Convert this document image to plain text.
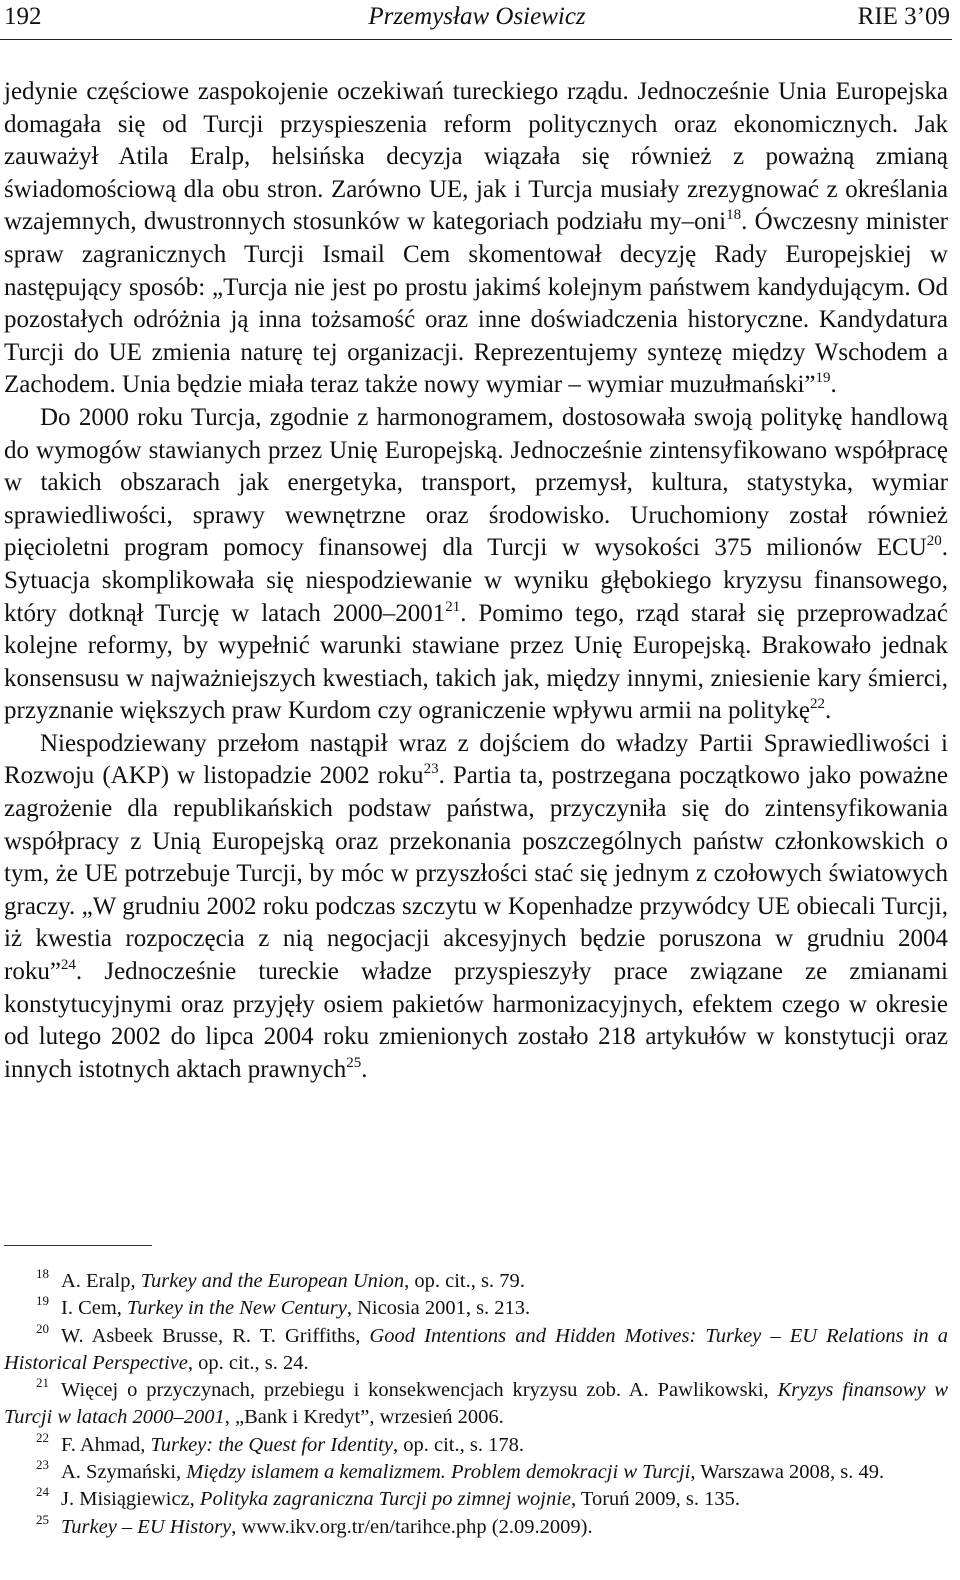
192	Przemysław Osiewicz	RIE 3’09

jedynie częściowe zaspokojenie oczekiwań tureckiego rządu. Jednocześnie Unia Europejska domagała się od Turcji przyspieszenia reform politycznych oraz ekonomicznych. Jak zauważył Atila Eralp, helsińska decyzja wiązała się również z poważną zmianą świadomościową dla obu stron. Zarówno UE, jak i Turcja musiały zrezygnować z określania wzajemnych, dwustronnych stosunków w kategoriach podziału my–oni$^{18}$. Ówczesny minister spraw zagranicznych Turcji Ismail Cem skomentował decyzję Rady Europejskiej w następujący sposób: „Turcja nie jest po prostu jakimś kolejnym państwem kandydującym. Od pozostałych odróżnia ją inna tożsamość oraz inne doświadczenia historyczne. Kandydatura Turcji do UE zmienia naturę tej organizacji. Reprezentujemy syntezę między Wschodem a Zachodem. Unia będzie miała teraz także nowy wymiar – wymiar muzułmański”$^{19}$.

Do 2000 roku Turcja, zgodnie z harmonogramem, dostosowała swoją politykę handlową do wymogów stawianych przez Unię Europejską. Jednocześnie zintensyfikowano współpracę w takich obszarach jak energetyka, transport, przemysł, kultura, statystyka, wymiar sprawiedliwości, sprawy wewnętrzne oraz środowisko. Uruchomiony został również pięcioletni program pomocy finansowej dla Turcji w wysokości 375 milionów ECU$^{20}$. Sytuacja skomplikowała się niespodziewanie w wyniku głębokiego kryzysu finansowego, który dotknął Turcję w latach 2000–2001$^{21}$. Pomimo tego, rząd starał się przeprowadzać kolejne reformy, by wypełnić warunki stawiane przez Unię Europejską. Brakowało jednak konsensusu w najważniejszych kwestiach, takich jak, między innymi, zniesienie kary śmierci, przyznanie większych praw Kurdom czy ograniczenie wpływu armii na politykę$^{22}$.

Niespodziewany przełom nastąpił wraz z dojściem do władzy Partii Sprawiedliwości i Rozwoju (AKP) w listopadzie 2002 roku$^{23}$. Partia ta, postrzegana początkowo jako poważne zagrożenie dla republikańskich podstaw państwa, przyczyniła się do zintensyfikowania współpracy z Unią Europejską oraz przekonania poszczególnych państw członkowskich o tym, że UE potrzebuje Turcji, by móc w przyszłości stać się jednym z czołowych światowych graczy. „W grudniu 2002 roku podczas szczytu w Kopenhadze przywódcy UE obiecali Turcji, iż kwestia rozpoczęcia z nią negocjacji akcesyjnych będzie poruszona w grudniu 2004 roku”$^{24}$. Jednocześnie tureckie władze przyspieszyły prace związane ze zmianami konstytucyjnymi oraz przyjęły osiem pakietów harmonizacyjnych, efektem czego w okresie od lutego 2002 do lipca 2004 roku zmienionych zostało 218 artykułów w konstytucji oraz innych istotnych aktach prawnych$^{25}$.

$^{18}$ A. Eralp, Turkey and the European Union, op. cit., s. 79.

$^{19}$ I. Cem, Turkey in the New Century, Nicosia 2001, s. 213.

$^{20}$ W. Asbeek Brusse, R. T. Griffiths, Good Intentions and Hidden Motives: Turkey – EU Relations in a Historical Perspective, op. cit., s. 24.

$^{21}$ Więcej o przyczynach, przebiegu i konsekwencjach kryzysu zob. A. Pawlikowski, Kryzys finansowy w Turcji w latach 2000–2001, „Bank i Kredyt”, wrzesień 2006.

$^{22}$ F. Ahmad, Turkey: the Quest for Identity, op. cit., s. 178.

$^{23}$ A. Szymański, Między islamem a kemalizmem. Problem demokracji w Turcji, Warszawa 2008, s. 49.

$^{24}$ J. Misiągiewicz, Polityka zagraniczna Turcji po zimnej wojnie, Toruń 2009, s. 135.

$^{25}$ Turkey – EU History, www.ikv.org.tr/en/tarihce.php (2.09.2009).
